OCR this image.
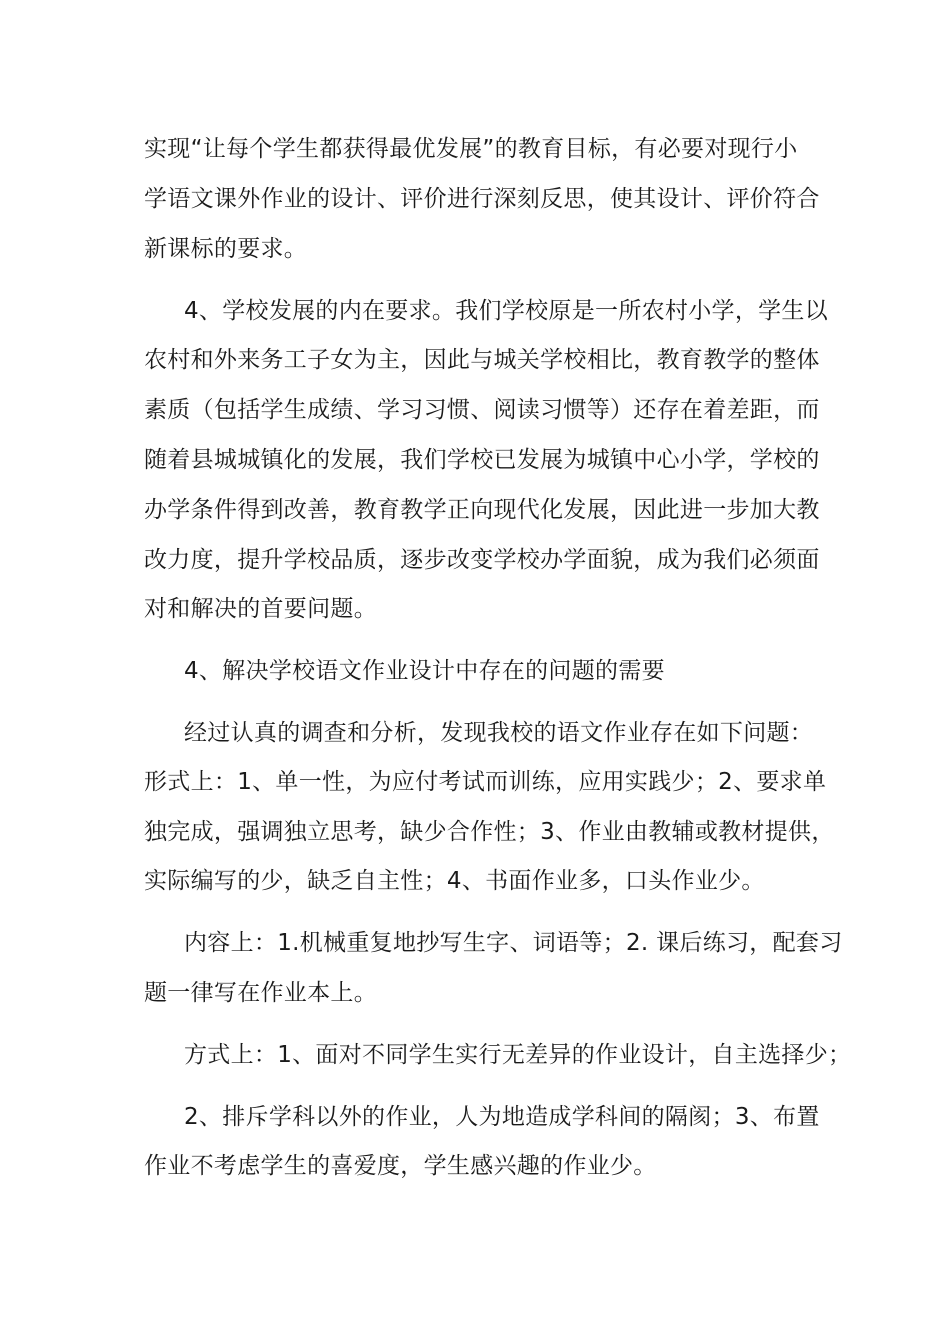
实现“让每个学生都获得最优发展”的教育目标，有必要对现行小
学语文课外作业的设计、评价进行深刻反思，使其设计、评价符合
新课标的要求。
4、学校发展的内在要求。我们学校原是一所农村小学，学生以
农村和外来务工子女为主，因此与城关学校相比，教育教学的整体
素质（包括学生成绩、学习习惯、阅读习惯等）还存在着差距，而
随着县城城镇化的发展，我们学校已发展为城镇中心小学，学校的
办学条件得到改善，教育教学正向现代化发展，因此进一步加大教
改力度，提升学校品质，逐步改变学校办学面貌，成为我们必须面
对和解决的首要问题。
4、解决学校语文作业设计中存在的问题的需要
经过认真的调查和分析，发现我校的语文作业存在如下问题：
形式上：1、单一性，为应付考试而训练，应用实践少；2、要求单
独完成，强调独立思考，缺少合作性；3、作业由教辅或教材提供，
实际编写的少，缺乏自主性；4、书面作业多，口头作业少。
内容上：1.机械重复地抄写生字、词语等；2. 课后练习，配套习
题一律写在作业本上。
方式上：1、面对不同学生实行无差异的作业设计，自主选择少；
2、排斥学科以外的作业，人为地造成学科间的隔阂；3、布置
作业不考虑学生的喜爱度，学生感兴趣的作业少。
